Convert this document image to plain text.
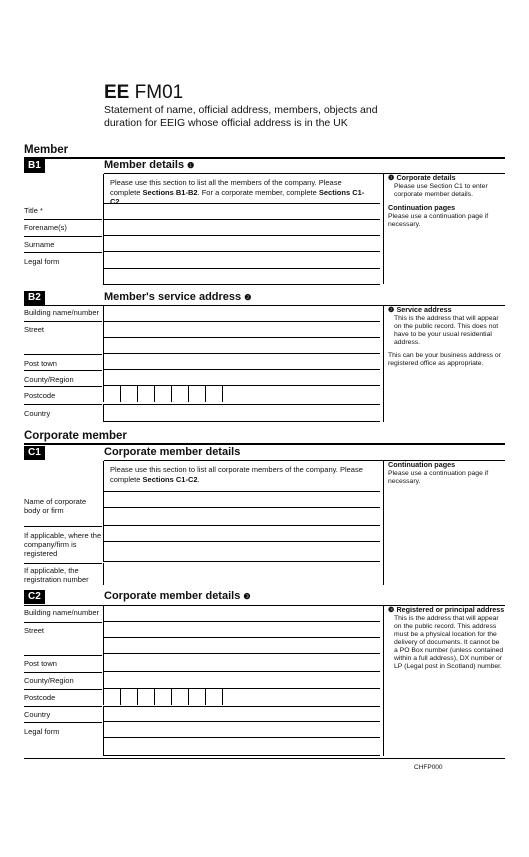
EE FM01
Statement of name, official address, members, objects and duration for EEIG whose official address is in the UK
Member
B1	Member details ❶
Please use this section to list all the members of the company. Please complete Sections B1-B2. For a corporate member, complete Sections C1-C2.
Title *
Forename(s)
Surname
Legal form
❶ Corporate details
Please use Section C1 to enter corporate member details.
Continuation pages
Please use a continuation page if necessary.
B2	Member's service address ❷
Building name/number
Street
Post town
County/Region
Postcode
Country
❷ Service address
This is the address that will appear on the public record. This does not have to be your usual residential address.
This can be your business address or registered office as appropriate.
Corporate member
C1	Corporate member details
Please use this section to list all corporate members of the company. Please complete Sections C1-C2.
Name of corporate body or firm
If applicable, where the company/firm is registered
If applicable, the registration number
Continuation pages
Please use a continuation page if necessary.
C2	Corporate member details ❸
Building name/number
Street
Post town
County/Region
Postcode
Country
Legal form
❸ Registered or principal address
This is the address that will appear on the public record. This address must be a physical location for the delivery of documents. It cannot be a PO Box number (unless contained within a full address), DX number or LP (Legal post in Scotland) number.
CHFP000
